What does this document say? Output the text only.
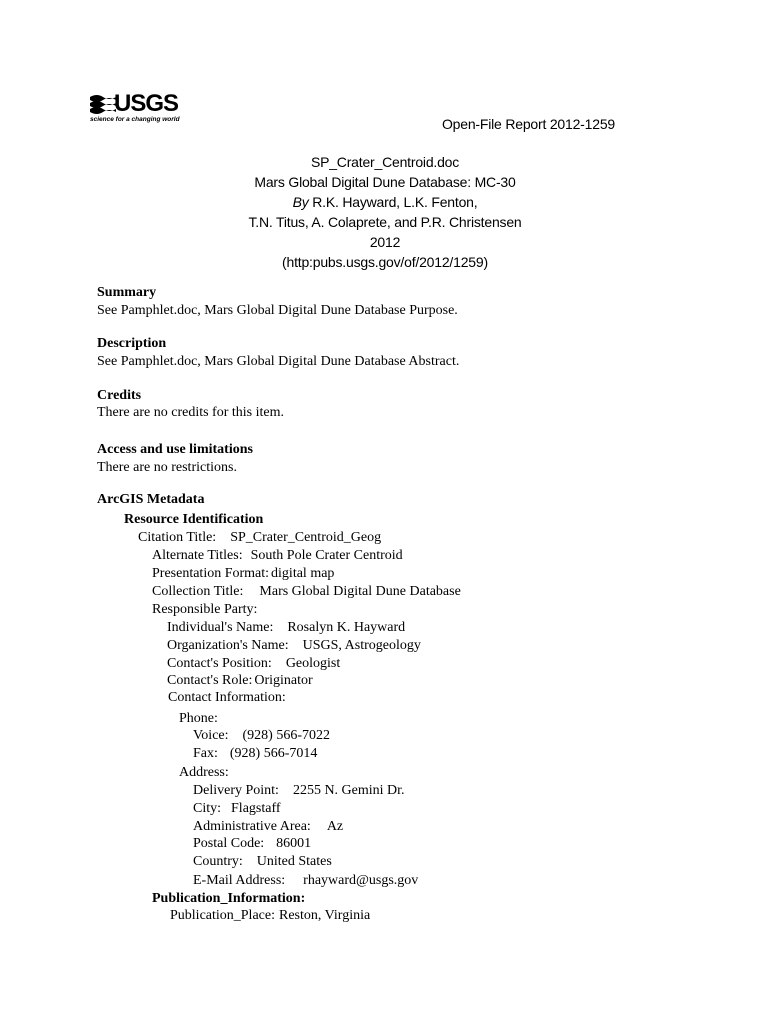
USGS
science for a changing world	Open-File Report 2012-1259
SP_Crater_Centroid.doc
Mars Global Digital Dune Database: MC-30
By R.K. Hayward, L.K. Fenton,
T.N. Titus, A. Colaprete, and P.R. Christensen
2012
(http:pubs.usgs.gov/of/2012/1259)
Summary
See Pamphlet.doc, Mars Global Digital Dune Database Purpose.
Description
See Pamphlet.doc, Mars Global Digital Dune Database Abstract.
Credits
There are no credits for this item.
Access and use limitations
There are no restrictions.
ArcGIS Metadata
Resource Identification
Citation Title: SP_Crater_Centroid_Geog
Alternate Titles: South Pole Crater Centroid
Presentation Format: digital map
Collection Title: Mars Global Digital Dune Database
Responsible Party:
Individual's Name: Rosalyn K. Hayward
Organization's Name: USGS, Astrogeology
Contact's Position: Geologist
Contact's Role: Originator
Contact Information:
Phone:
Voice: (928) 566-7022
Fax: (928) 566-7014
Address:
Delivery Point: 2255 N. Gemini Dr.
City: Flagstaff
Administrative Area: Az
Postal Code: 86001
Country: United States
E-Mail Address: rhayward@usgs.gov
Publication_Information:
Publication_Place: Reston, Virginia
